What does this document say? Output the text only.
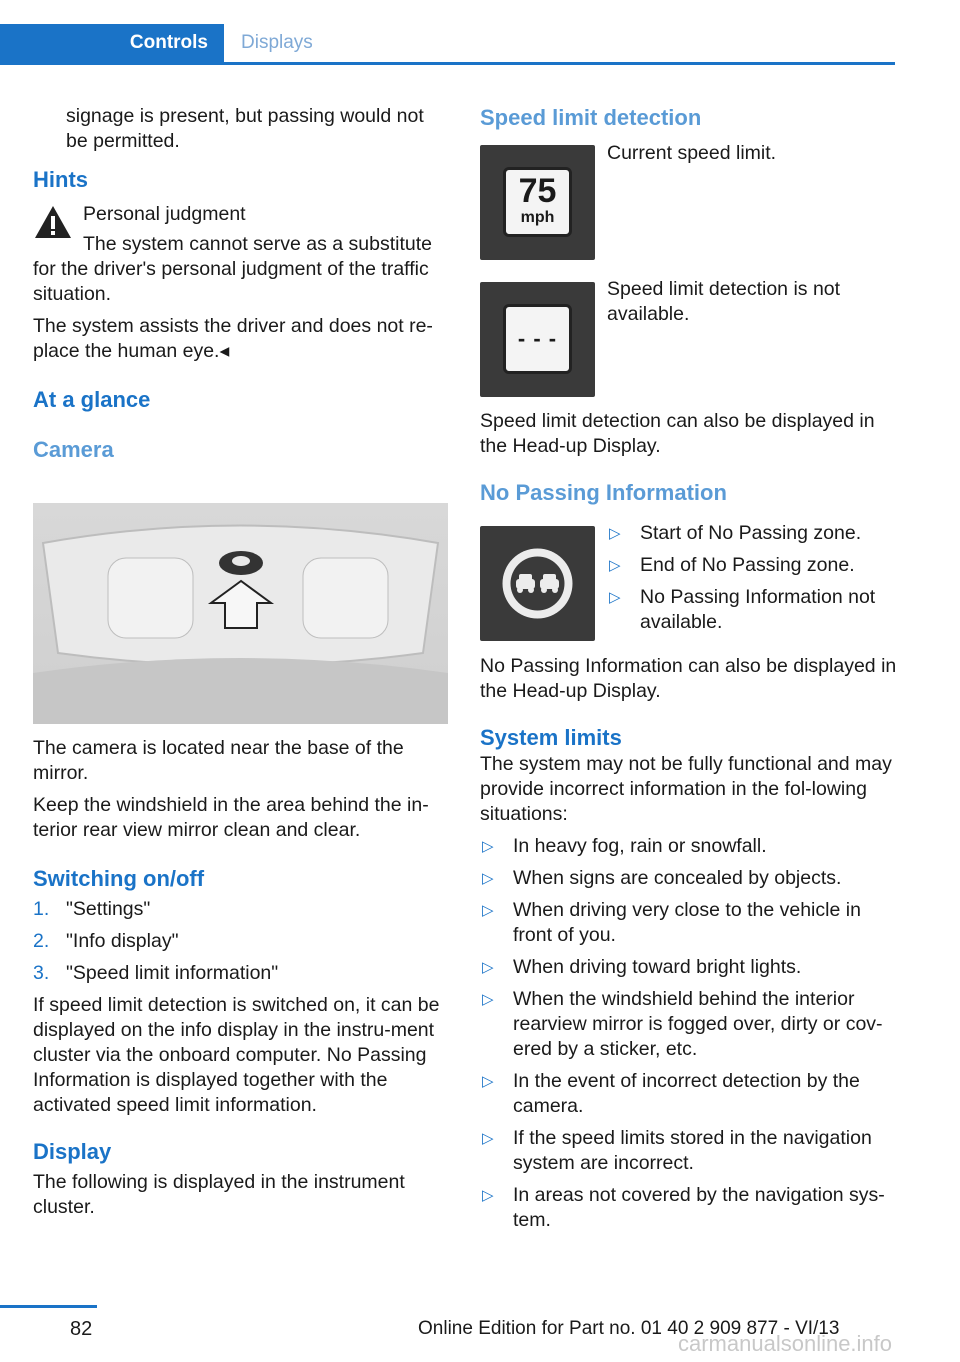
Controls	Displays

signage is present, but passing would not be permitted.

Hints

Personal judgment

The system cannot serve as a substitute

for the driver's personal judgment of the traffic situation.

The system assists the driver and does not re-place the human eye.◂

At a glance
Camera

The camera is located near the base of the mirror.

Keep the windshield in the area behind the in-terior rear view mirror clean and clear.

Switching on/off
1. "Settings"
2. "Info display"
3. "Speed limit information"

If speed limit detection is switched on, it can be displayed on the info display in the instru-ment cluster via the onboard computer. No Passing Information is displayed together with the activated speed limit information.

Display

The following is displayed in the instrument cluster.

Speed limit detection
75
mph

Current speed limit.

- - -

Speed limit detection is not available.

Speed limit detection can also be displayed in the Head-up Display.

No Passing Information
▷ Start of No Passing zone.
▷ End of No Passing zone.
▷ No Passing Information not available.

No Passing Information can also be displayed in the Head-up Display.

System limits

The system may not be fully functional and may provide incorrect information in the fol-lowing situations:

▷ In heavy fog, rain or snowfall.
▷ When signs are concealed by objects.
▷ When driving very close to the vehicle in front of you.
▷ When driving toward bright lights.
▷ When the windshield behind the interior rearview mirror is fogged over, dirty or cov-ered by a sticker, etc.
▷ In the event of incorrect detection by the camera.
▷ If the speed limits stored in the navigation system are incorrect.
▷ In areas not covered by the navigation sys-tem.
82	Online Edition for Part no. 01 40 2 909 877 - VI/13
carmanualsonline.info
